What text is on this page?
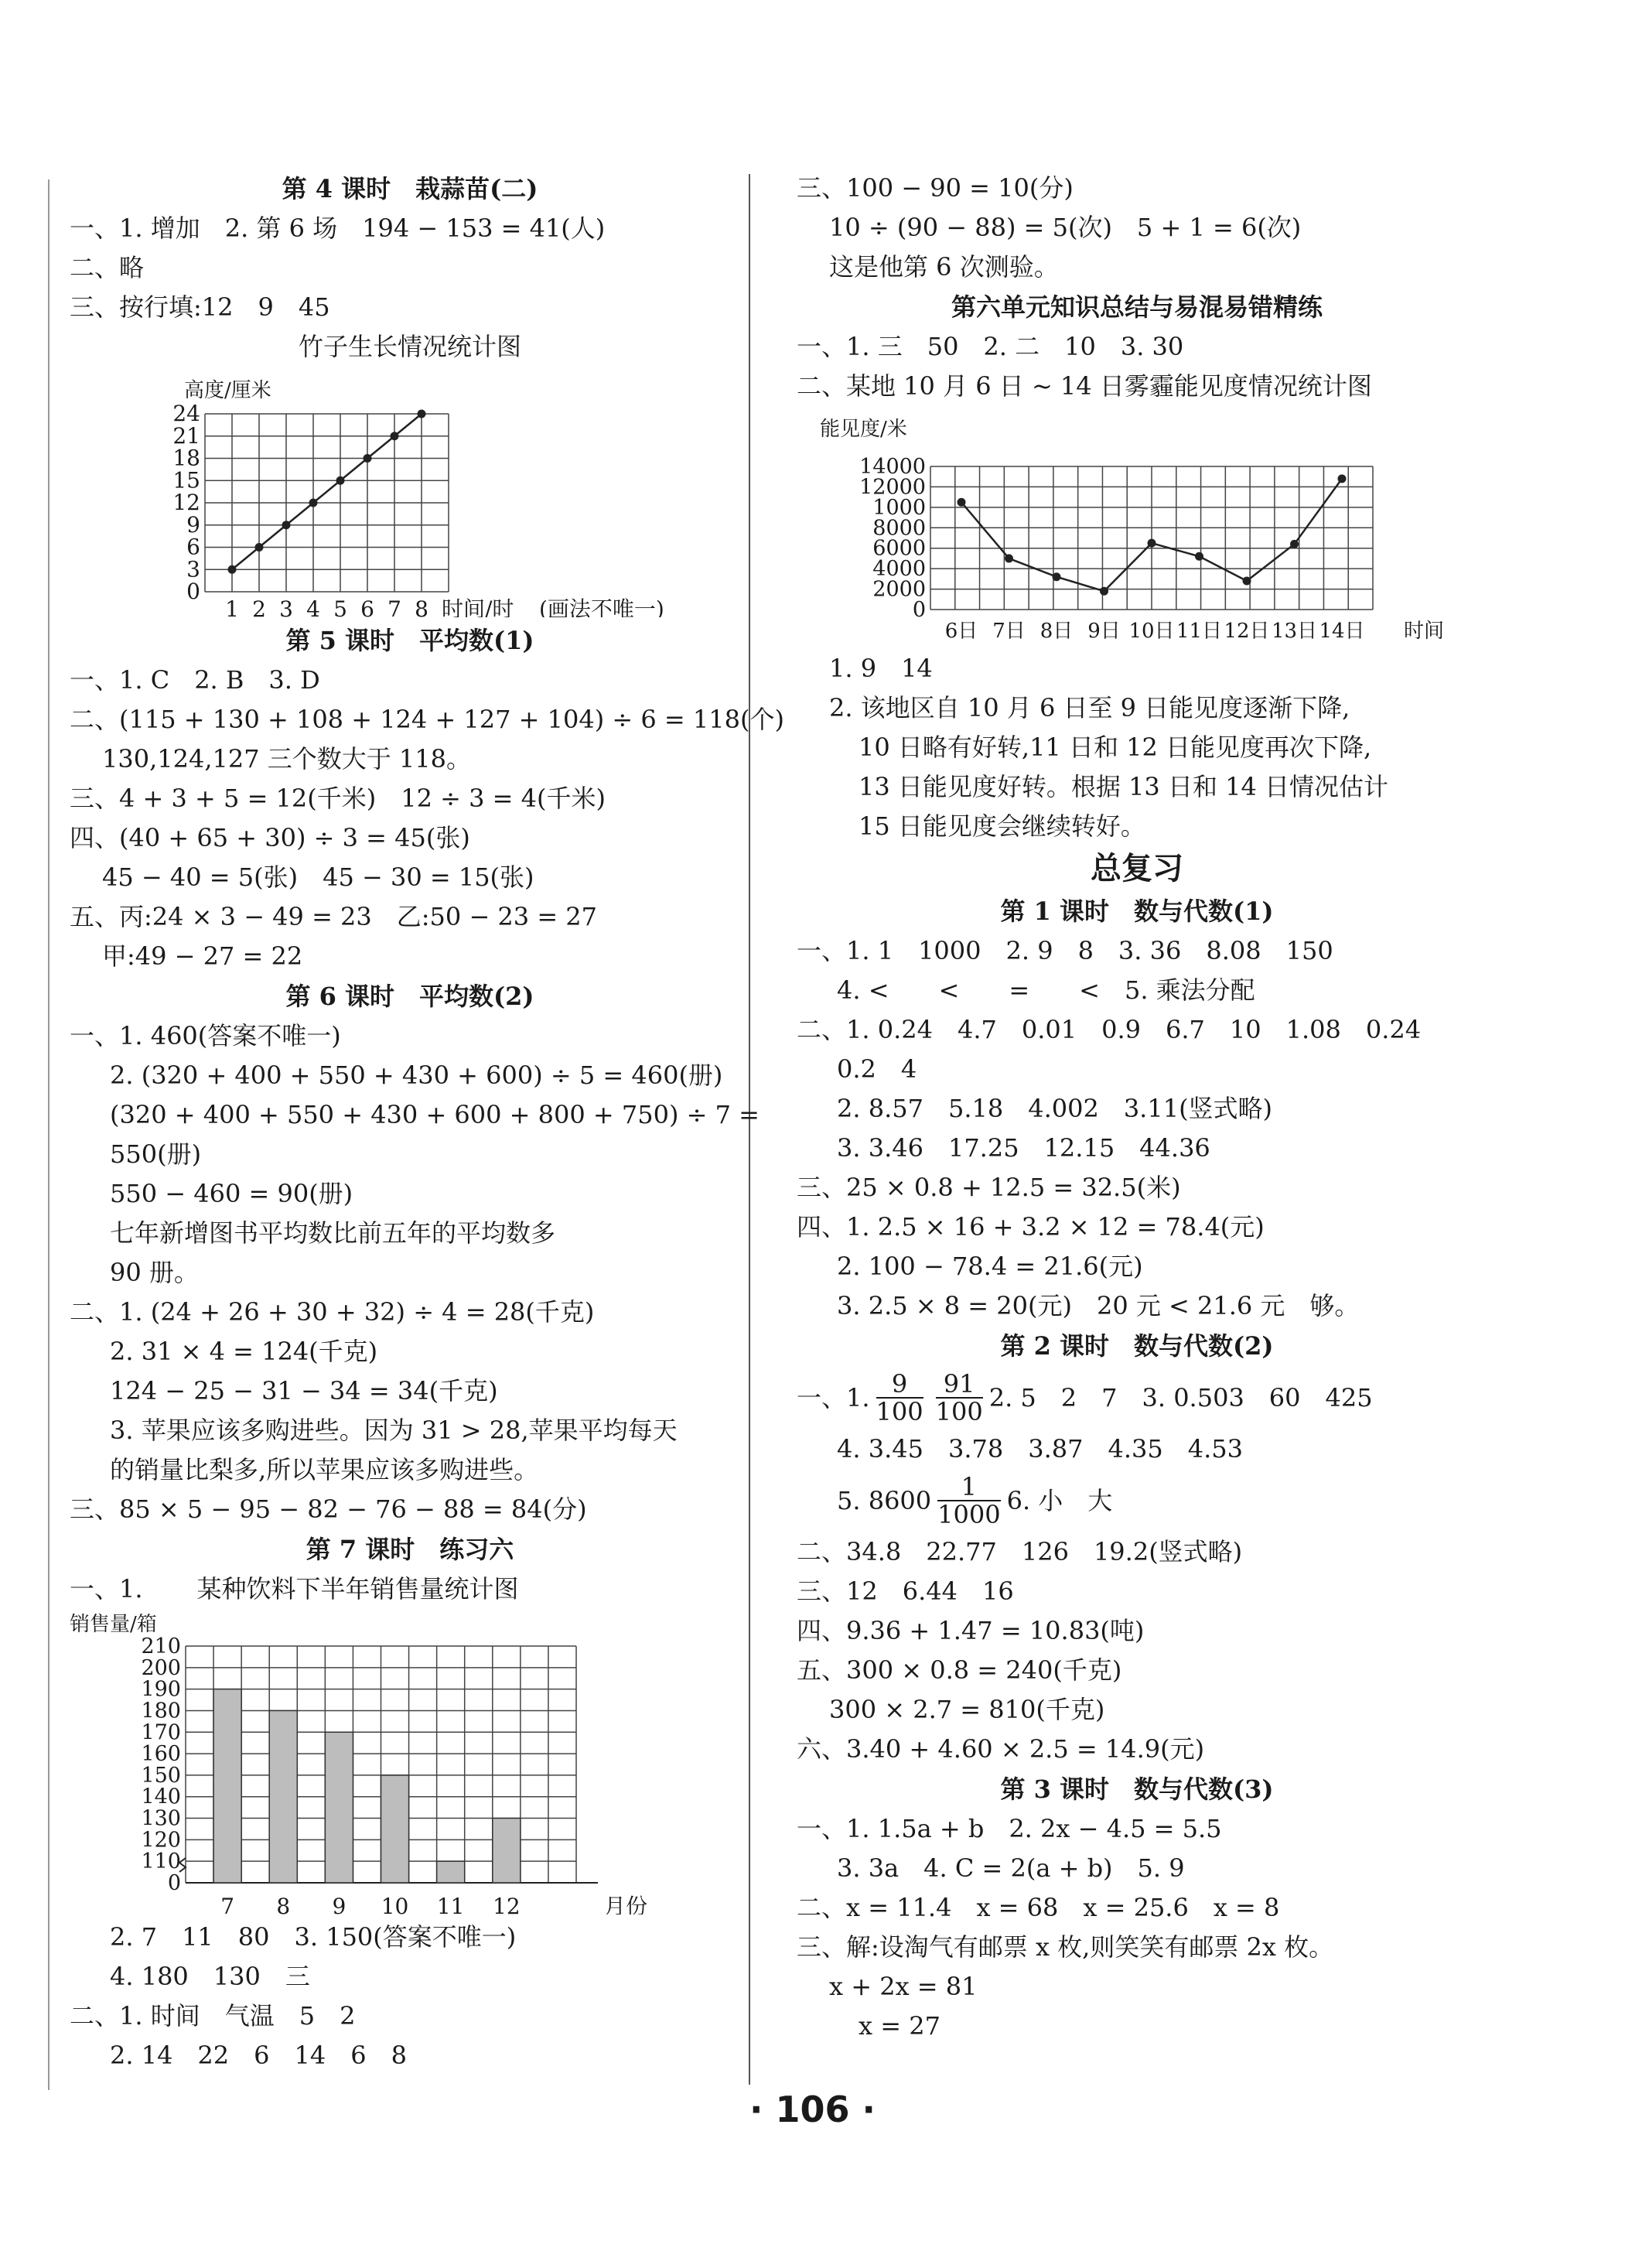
第 4 课时　栽蒜苗(二)
一、1. 增加　2. 第 6 场　194 − 153 = 41(人)
二、略
三、按行填:12　9　45
竹子生长情况统计图
高度/厘米
0
3
6
9
12
15
18
21
24
1 2 3 4 5 6 7 8 时间/时 (画法不唯一)
第 5 课时　平均数(1)
一、1. C　2. B　3. D
二、(115 + 130 + 108 + 124 + 127 + 104) ÷ 6 = 118(个)
130,124,127 三个数大于 118。
三、4 + 3 + 5 = 12(千米)　12 ÷ 3 = 4(千米)
四、(40 + 65 + 30) ÷ 3 = 45(张)
45 − 40 = 5(张)　45 − 30 = 15(张)
五、丙:24 × 3 − 49 = 23　乙:50 − 23 = 27
甲:49 − 27 = 22
第 6 课时　平均数(2)
一、1. 460(答案不唯一)
2. (320 + 400 + 550 + 430 + 600) ÷ 5 = 460(册)
(320 + 400 + 550 + 430 + 600 + 800 + 750) ÷ 7 =
550(册)
550 − 460 = 90(册)
七年新增图书平均数比前五年的平均数多
90 册。
二、1. (24 + 26 + 30 + 32) ÷ 4 = 28(千克)
2. 31 × 4 = 124(千克)
124 − 25 − 31 − 34 = 34(千克)
3. 苹果应该多购进些。因为 31 > 28,苹果平均每天
的销量比梨多,所以苹果应该多购进些。
三、85 × 5 − 95 − 82 − 76 − 88 = 84(分)
第 7 课时　练习六
一、1. 某种饮料下半年销售量统计图
销售量/箱
0
110
120
130
140
150
160
170
180
190
200
210
7 8 9 10 11 12	月份
2. 7　11　80　3. 150(答案不唯一)
4. 180　130　三
二、1. 时间　气温　5　2
2. 14　22　6　14　6　8
三、100 − 90 = 10(分)
10 ÷ (90 − 88) = 5(次)　5 + 1 = 6(次)
这是他第 6 次测验。
第六单元知识总结与易混易错精练
一、1. 三　50　2. 二　10　3. 30
二、某地 10 月 6 日 ~ 14 日雾霾能见度情况统计图
能见度/米
0
2000
4000
6000
8000
1000
12000
14000
6日 7日 8日 9日 10日 11日 12日 13日 14日 时间
1. 9　14
2. 该地区自 10 月 6 日至 9 日能见度逐渐下降,
10 日略有好转,11 日和 12 日能见度再次下降,
13 日能见度好转。根据 13 日和 14 日情况估计
15 日能见度会继续转好。
总复习
第 1 课时　数与代数(1)
一、1. 1　1000　2. 9　8　3. 36　8.08　150
4. <　　<　　=　　<　5. 乘法分配
二、1. 0.24　4.7　0.01　0.9　6.7　10　1.08　0.24
0.2　4
2. 8.57　5.18　4.002　3.11(竖式略)
3. 3.46　17.25　12.15　44.36
三、25 × 0.8 + 12.5 = 32.5(米)
四、1. 2.5 × 16 + 3.2 × 12 = 78.4(元)
2. 100 − 78.4 = 21.6(元)
3. 2.5 × 8 = 20(元)　20 元 < 21.6 元　够。
第 2 课时　数与代数(2)
一、1. $\frac{9}{100} \frac{91}{100} 2$. 5　2　7　3. 0.503　60　425
4. 3.45　3.78　3.87　4.35　4.53
5. $8600 \frac{1}{1000} 6$. 小　大
二、34.8　22.77　126　19.2(竖式略)
三、12　6.44　16
四、9.36 + 1.47 = 10.83(吨)
五、300 × 0.8 = 240(千克)
300 × 2.7 = 810(千克)
六、3.40 + 4.60 × 2.5 = 14.9(元)
第 3 课时　数与代数(3)
一、1. 1.5a + b　2. 2x − 4.5 = 5.5
3. 3a　4. C = 2(a + b)　5. 9
二、x = 11.4　x = 68　x = 25.6　x = 8
三、解:设淘气有邮票 x 枚,则笑笑有邮票 2x 枚。
x + 2x = 81
x = 27
· 106 ·
